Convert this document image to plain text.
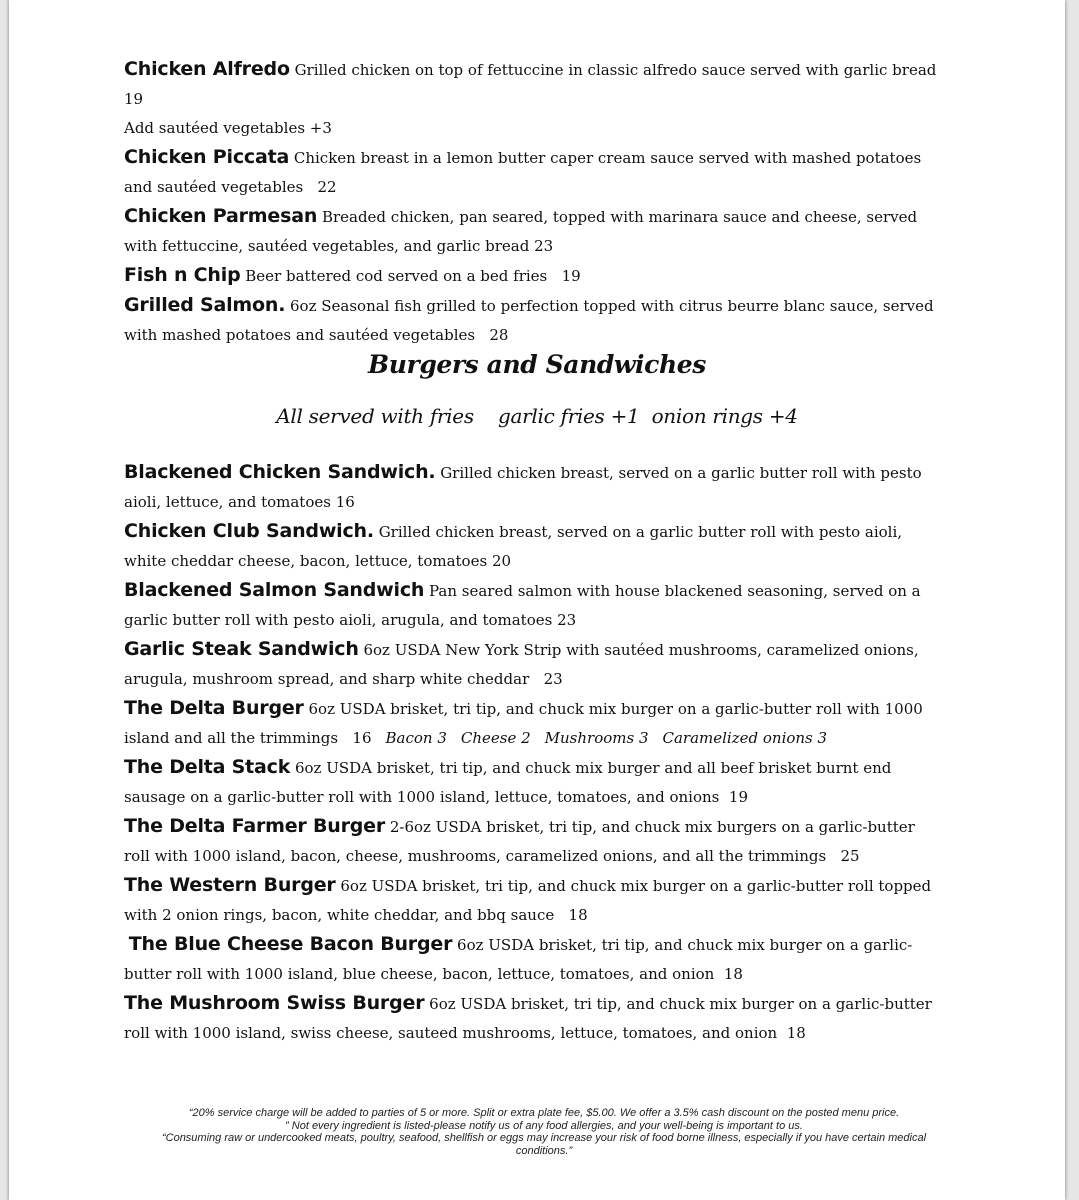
Chicken Alfredo Grilled chicken on top of fettuccine in classic alfredo sauce served with garlic bread 19
Add sautéed vegetables +3

Chicken Piccata Chicken breast in a lemon butter caper cream sauce served with mashed potatoes and sautéed vegetables 22

Chicken Parmesan Breaded chicken, pan seared, topped with marinara sauce and cheese, served with fettuccine, sautéed vegetables, and garlic bread 23

Fish n Chip Beer battered cod served on a bed fries 19

Grilled Salmon. 6oz Seasonal fish grilled to perfection topped with citrus beurre blanc sauce, served with mashed potatoes and sautéed vegetables 28

Burgers and Sandwiches
All served with fries    garlic fries +1  onion rings +4

Blackened Chicken Sandwich. Grilled chicken breast, served on a garlic butter roll with pesto aioli, lettuce, and tomatoes 16

Chicken Club Sandwich. Grilled chicken breast, served on a garlic butter roll with pesto aioli, white cheddar cheese, bacon, lettuce, tomatoes 20

Blackened Salmon Sandwich Pan seared salmon with house blackened seasoning, served on a garlic butter roll with pesto aioli, arugula, and tomatoes 23

Garlic Steak Sandwich 6oz USDA New York Strip with sautéed mushrooms, caramelized onions, arugula, mushroom spread, and sharp white cheddar 23

The Delta Burger 6oz USDA brisket, tri tip, and chuck mix burger on a garlic-butter roll with 1000 island and all the trimmings 16 Bacon 3 Cheese 2 Mushrooms 3 Caramelized onions 3

The Delta Stack 6oz USDA brisket, tri tip, and chuck mix burger and all beef brisket burnt end sausage on a garlic-butter roll with 1000 island, lettuce, tomatoes, and onions 19

The Delta Farmer Burger 2-6oz USDA brisket, tri tip, and chuck mix burgers on a garlic-butter roll with 1000 island, bacon, cheese, mushrooms, caramelized onions, and all the trimmings 25

The Western Burger 6oz USDA brisket, tri tip, and chuck mix burger on a garlic-butter roll topped with 2 onion rings, bacon, white cheddar, and bbq sauce 18

The Blue Cheese Bacon Burger 6oz USDA brisket, tri tip, and chuck mix burger on a garlic-butter roll with 1000 island, blue cheese, bacon, lettuce, tomatoes, and onion 18

The Mushroom Swiss Burger 6oz USDA brisket, tri tip, and chuck mix burger on a garlic-butter roll with 1000 island, swiss cheese, sauteed mushrooms, lettuce, tomatoes, and onion 18

“20% service charge will be added to parties of 5 or more. Split or extra plate fee, $5.00. We offer a 3.5% cash discount on the posted menu price.

” Not every ingredient is listed-please notify us of any food allergies, and your well-being is important to us.

“Consuming raw or undercooked meats, poultry, seafood, shellfish or eggs may increase your risk of food borne illness, especially if you have certain medical conditions.”
